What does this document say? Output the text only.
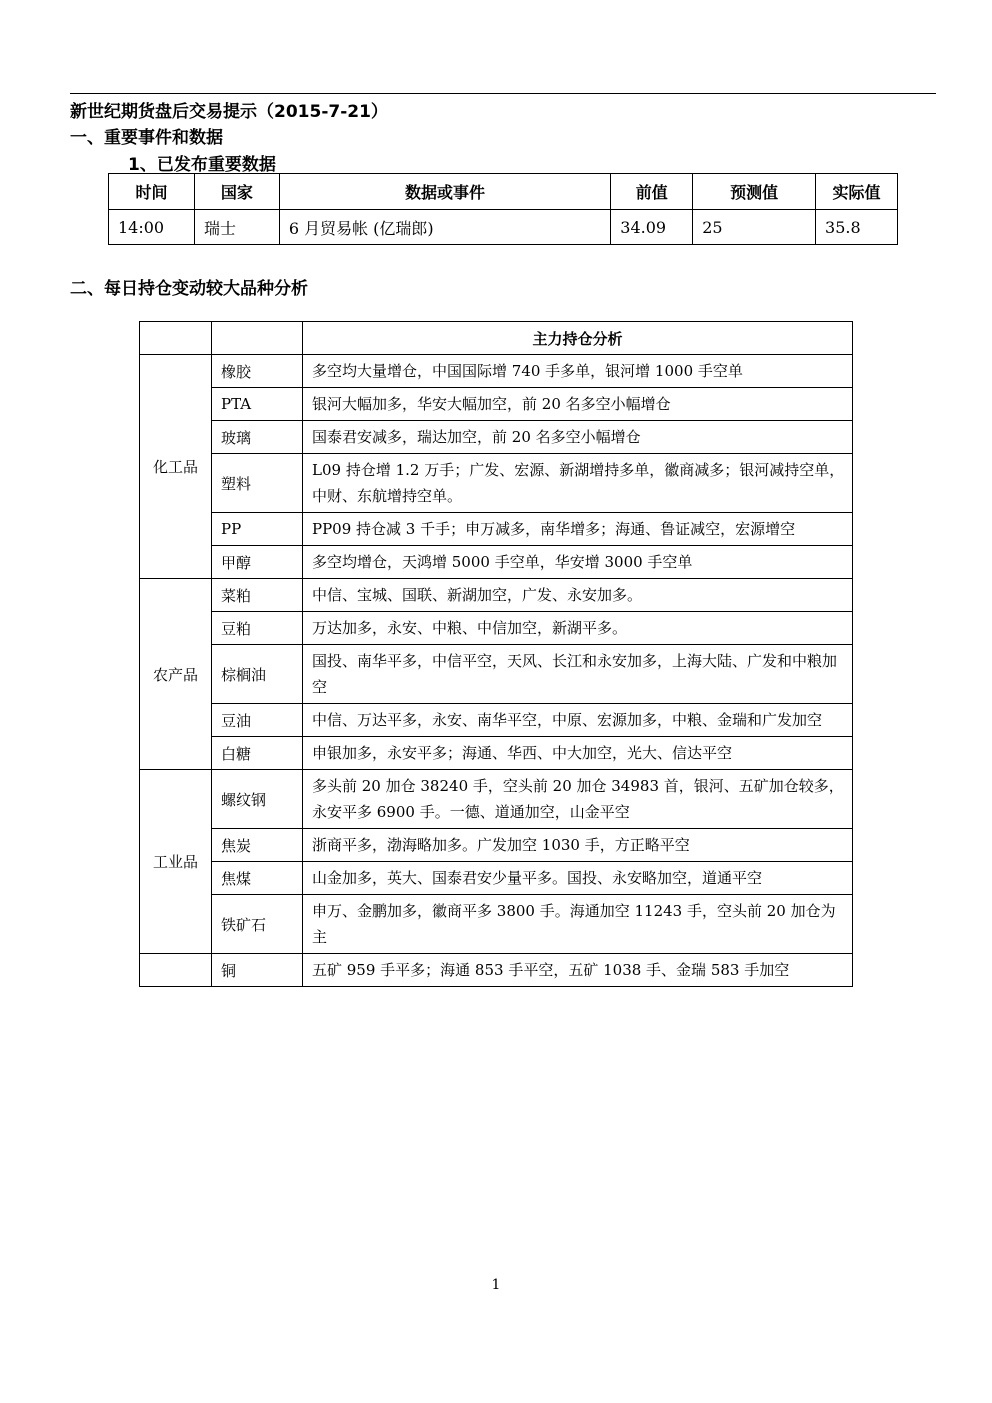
新世纪期货盘后交易提示（2015-7-21）
一、重要事件和数据
1、已发布重要数据
时间	国家	数据或事件	前值	预测值	实际值
14:00	瑞士	6 月贸易帐 (亿瑞郎)	34.09	25	35.8
二、每日持仓变动较大品种分析
		主力持仓分析
化工品	橡胶	多空均大量增仓，中国国际增 740 手多单，银河增 1000 手空单
	PTA	银河大幅加多，华安大幅加空，前 20 名多空小幅增仓
	玻璃	国泰君安减多，瑞达加空，前 20 名多空小幅增仓
	塑料	L09 持仓增 1.2 万手；广发、宏源、新湖增持多单，徽商减多；银河减持空单，中财、东航增持空单。
	PP	PP09 持仓减 3 千手；申万减多，南华增多；海通、鲁证减空，宏源增空
	甲醇	多空均增仓，天鸿增 5000 手空单，华安增 3000 手空单
农产品	菜粕	中信、宝城、国联、新湖加空，广发、永安加多。
	豆粕	万达加多，永安、中粮、中信加空，新湖平多。
	棕榈油	国投、南华平多，中信平空，天风、长江和永安加多，上海大陆、广发和中粮加空
	豆油	中信、万达平多，永安、南华平空，中原、宏源加多，中粮、金瑞和广发加空
	白糖	申银加多，永安平多；海通、华西、中大加空，光大、信达平空
工业品	螺纹钢	多头前 20 加仓 38240 手，空头前 20 加仓 34983 首，银河、五矿加仓较多，永安平多 6900 手。一德、道通加空，山金平空
	焦炭	浙商平多，渤海略加多。广发加空 1030 手，方正略平空
	焦煤	山金加多，英大、国泰君安少量平多。国投、永安略加空，道通平空
	铁矿石	申万、金鹏加多，徽商平多 3800 手。海通加空 11243 手，空头前 20 加仓为主
	铜	五矿 959 手平多；海通 853 手平空，五矿 1038 手、金瑞 583 手加空
1
